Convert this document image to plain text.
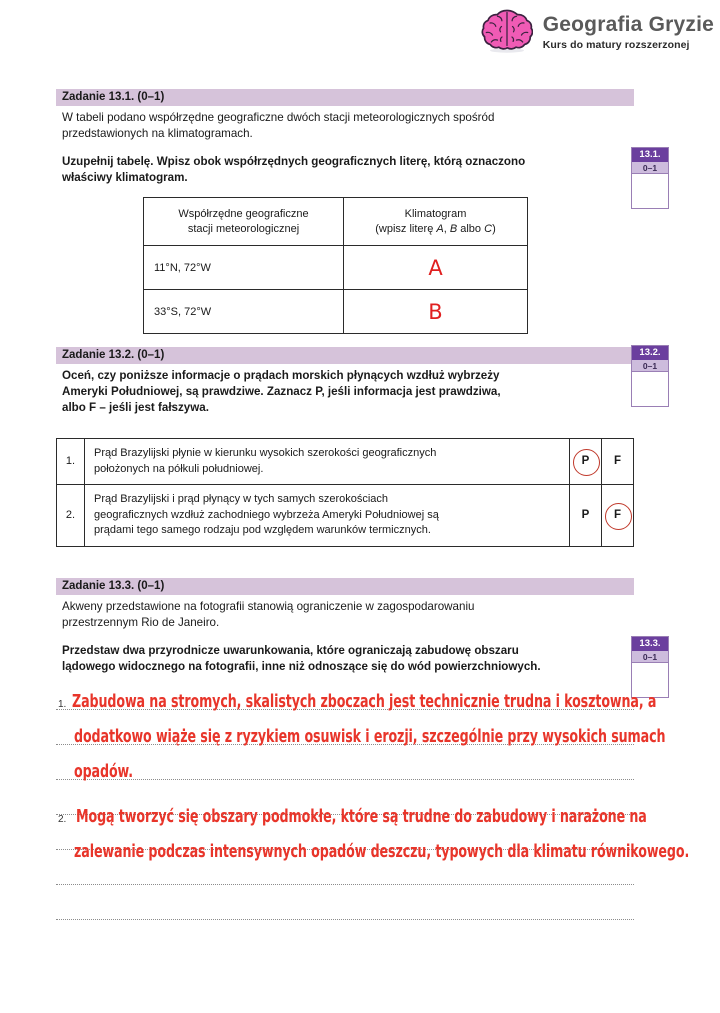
Geografia Gryzie
Kurs do matury rozszerzonej
Zadanie 13.1. (0–1)
W tabeli podano współrzędne geograficzne dwóch stacji meteorologicznych spośród
przedstawionych na klimatogramach.
Uzupełnij tabelę. Wpisz obok współrzędnych geograficznych literę, którą oznaczono
właściwy klimatogram.
13.1.
0–1
Współrzędne geograficzne
stacji meteorologicznej	Klimatogram
(wpisz literę A, B albo C)
11°N, 72°W	A
33°S, 72°W	B
Zadanie 13.2. (0–1)
Oceń, czy poniższe informacje o prądach morskich płynących wzdłuż wybrzeży
Ameryki Południowej, są prawdziwe. Zaznacz P, jeśli informacja jest prawdziwa,
albo F – jeśli jest fałszywa.
13.2.
0–1
1.	Prąd Brazylijski płynie w kierunku wysokich szerokości geograficznych
położonych na półkuli południowej.	P	F
2.	Prąd Brazylijski i prąd płynący w tych samych szerokościach
geograficznych wzdłuż zachodniego wybrzeża Ameryki Południowej są
prądami tego samego rodzaju pod względem warunków termicznych.	P	F
Zadanie 13.3. (0–1)
Akweny przedstawione na fotografii stanowią ograniczenie w zagospodarowaniu
przestrzennym Rio de Janeiro.
Przedstaw dwa przyrodnicze uwarunkowania, które ograniczają zabudowę obszaru
lądowego widocznego na fotografii, inne niż odnoszące się do wód powierzchniowych.
13.3.
0–1
1.
2.
Zabudowa na stromych, skalistych zboczach jest technicznie trudna i kosztowna, a
dodatkowo wiąże się z ryzykiem osuwisk i erozji, szczególnie przy wysokich sumach
opadów.
Mogą tworzyć się obszary podmokłe, które są trudne do zabudowy i narażone na
zalewanie podczas intensywnych opadów deszczu, typowych dla klimatu równikowego.
